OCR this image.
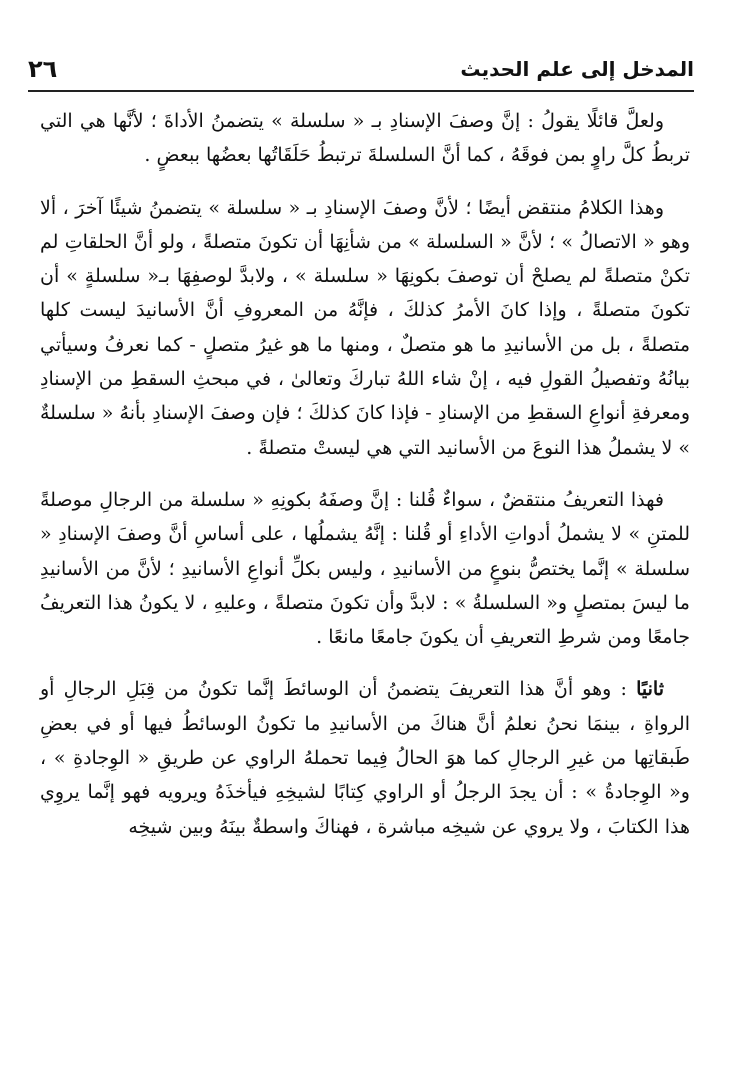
المدخل إلى علم الحديث
٢٦

ولعلَّ قائلًا يقولُ : إنَّ وصفَ الإسنادِ بـ « سلسلة » يتضمنُ الأداةَ ؛ لأنَّها هي التي تربطُ كلَّ راوٍ بمن فوقَهُ ، كما أنَّ السلسلةَ ترتبطُ حَلَقَاتُها بعضُها ببعضٍ .

وهذا الكلامُ منتقض أيضًا ؛ لأنَّ وصفَ الإسنادِ بـ « سلسلة » يتضمنُ شيئًا آخرَ ، ألا وهو « الاتصالُ » ؛ لأنَّ « السلسلة » من شأنِهَا أن تكونَ متصلةً ، ولو أنَّ الحلقاتِ لم تكنْ متصلةً لم يصلحْ أن توصفَ بكونِهَا « سلسلة » ، ولابدَّ لوصفِهَا بـ« سلسلةٍ » أن تكونَ متصلةً ، وإذا كانَ الأمرُ كذلكَ ، فإنَّهُ من المعروفِ أنَّ الأسانيدَ ليست كلها متصلةً ، بل من الأسانيدِ ما هو متصلٌ ، ومنها ما هو غيرُ متصلٍ - كما نعرفُ وسيأتي بيانُهُ وتفصيلُ القولِ فيه ، إنْ شاء اللهُ تباركَ وتعالىٰ ، في مبحثِ السقطِ من الإسنادِ ومعرفةِ أنواعِ السقطِ من الإسنادِ - فإذا كانَ كذلكَ ؛ فإن وصفَ الإسنادِ بأنهُ « سلسلةٌ » لا يشملُ هذا النوعَ من الأسانيد التي هي ليستْ متصلةً .

فهذا التعريفُ منتقضٌ ، سواءٌ قُلنا : إنَّ وصفَهُ بكونِهِ « سلسلة من الرجالِ موصلةً للمتنِ » لا يشملُ أدواتِ الأداءِ أو قُلنا : إنَّهُ يشملُها ، على أساسِ أنَّ وصفَ الإسنادِ « سلسلة » إنَّما يختصُّ بنوعٍ من الأسانيدِ ، وليس بكلِّ أنواعِ الأسانيدِ ؛ لأنَّ من الأسانيدِ ما ليسَ بمتصلٍ و« السلسلةُ » : لابدَّ وأن تكونَ متصلةً ، وعليهِ ، لا يكونُ هذا التعريفُ جامعًا ومن شرطِ التعريفِ أن يكونَ جامعًا مانعًا .

ثانيًا : وهو أنَّ هذا التعريفَ يتضمنُ أن الوسائطَ إنَّما تكونُ من قِبَلِ الرجالِ أو الرواةِ ، بينمَا نحنُ نعلمُ أنَّ هناكَ من الأسانيدِ ما تكونُ الوسائطُ فيها أو في بعضِ طَبقاتِها من غيرِ الرجالِ كما هوَ الحالُ فِيما تحملهُ الراوي عن طريقِ « الوِجادةِ » ، و« الوِجادةُ » : أن يجدَ الرجلُ أو الراوي كِتابًا لشيخِهِ فيأخذَهُ ويرويه فهو إنَّما يروِي هذا الكتابَ ، ولا يروي عن شيخِه مباشرة ، فهناكَ واسطةٌ بينَهُ وبين شيخِه
